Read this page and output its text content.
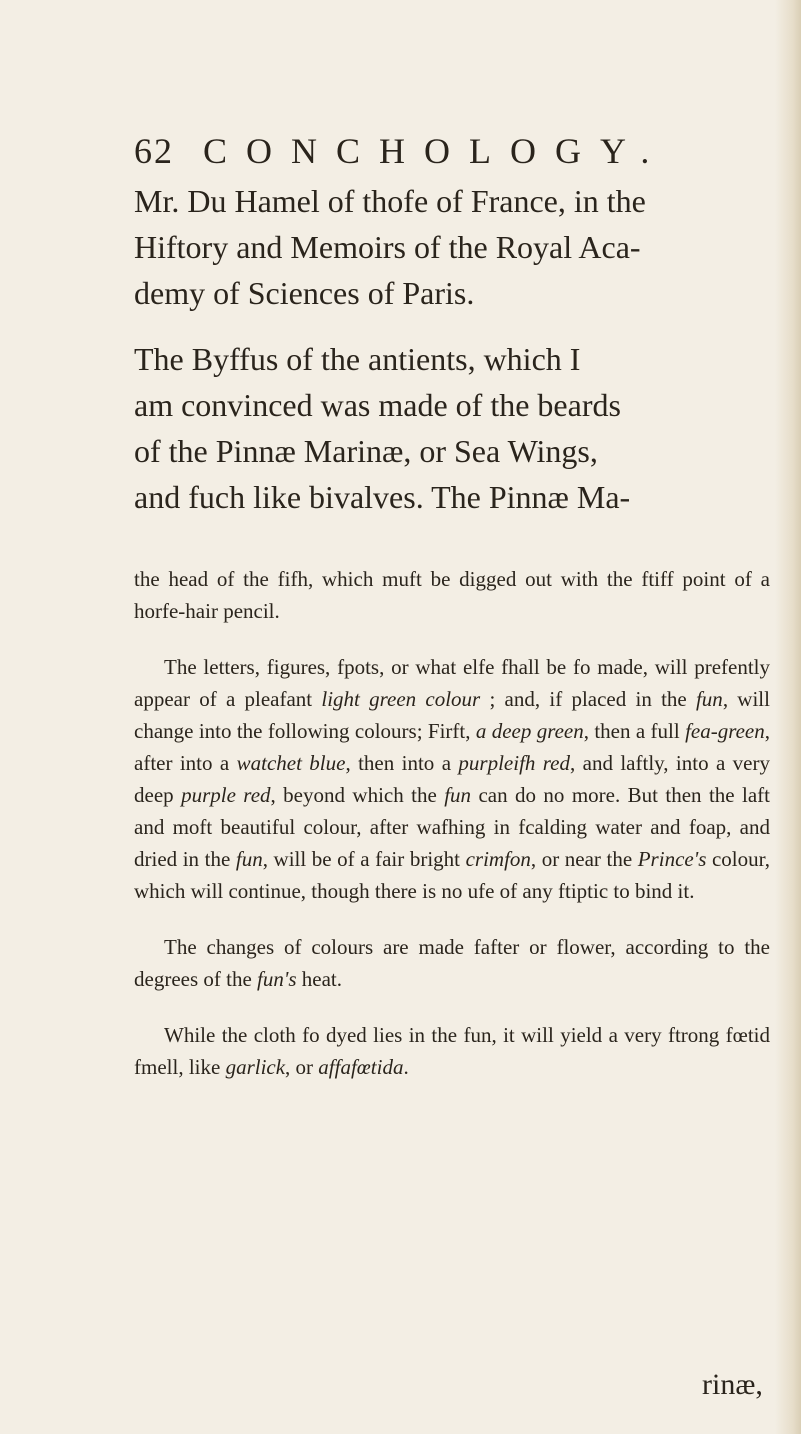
62 CONCHOLOGY.

Mr. Du Hamel of thofe of France, in the

Hiftory and Memoirs of the Royal Aca-

demy of Sciences of Paris.

The Byffus of the antients, which I

am convinced was made of the beards

of the Pinnæ Marinæ, or Sea Wings,

and fuch like bivalves. The Pinnæ Ma-

the head of the fifh, which muft be digged out with the ftiff point of a horfe-hair pencil.

The letters, figures, fpots, or what elfe fhall be fo made, will prefently appear of a pleafant light green colour ; and, if placed in the fun, will change into the following colours; Firft, a deep green, then a full fea-green, after into a watchet blue, then into a purpleifh red, and laftly, into a very deep purple red, beyond which the fun can do no more. But then the laft and moft beautiful colour, after wafhing in fcalding water and foap, and dried in the fun, will be of a fair bright crimfon, or near the Prince's colour, which will continue, though there is no ufe of any ftiptic to bind it.

The changes of colours are made fafter or flower, according to the degrees of the fun's heat.

While the cloth fo dyed lies in the fun, it will yield a very ftrong fœtid fmell, like garlick, or affafœtida.

rinæ,
